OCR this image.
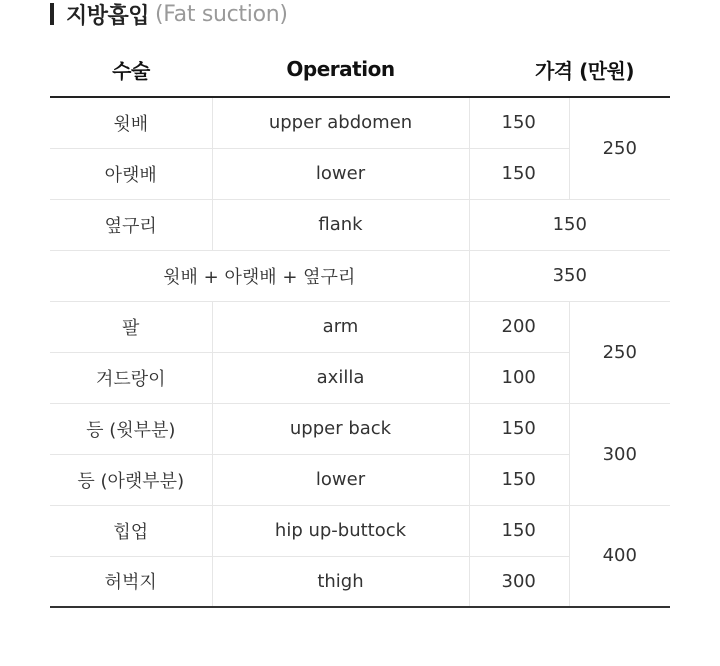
지방흡입 (Fat suction)
수술	Operation	가격 (만원)	
윗배	upper abdomen	150	250
아랫배	lower	150	
옆구리	flank	150	
윗배 + 아랫배 + 옆구리		350	
팔	arm	200	250
겨드랑이	axilla	100	
등 (윗부분)	upper back	150	300
등 (아랫부분)	lower	150	
힙업	hip up-buttock	150	400
허벅지	thigh	300	
